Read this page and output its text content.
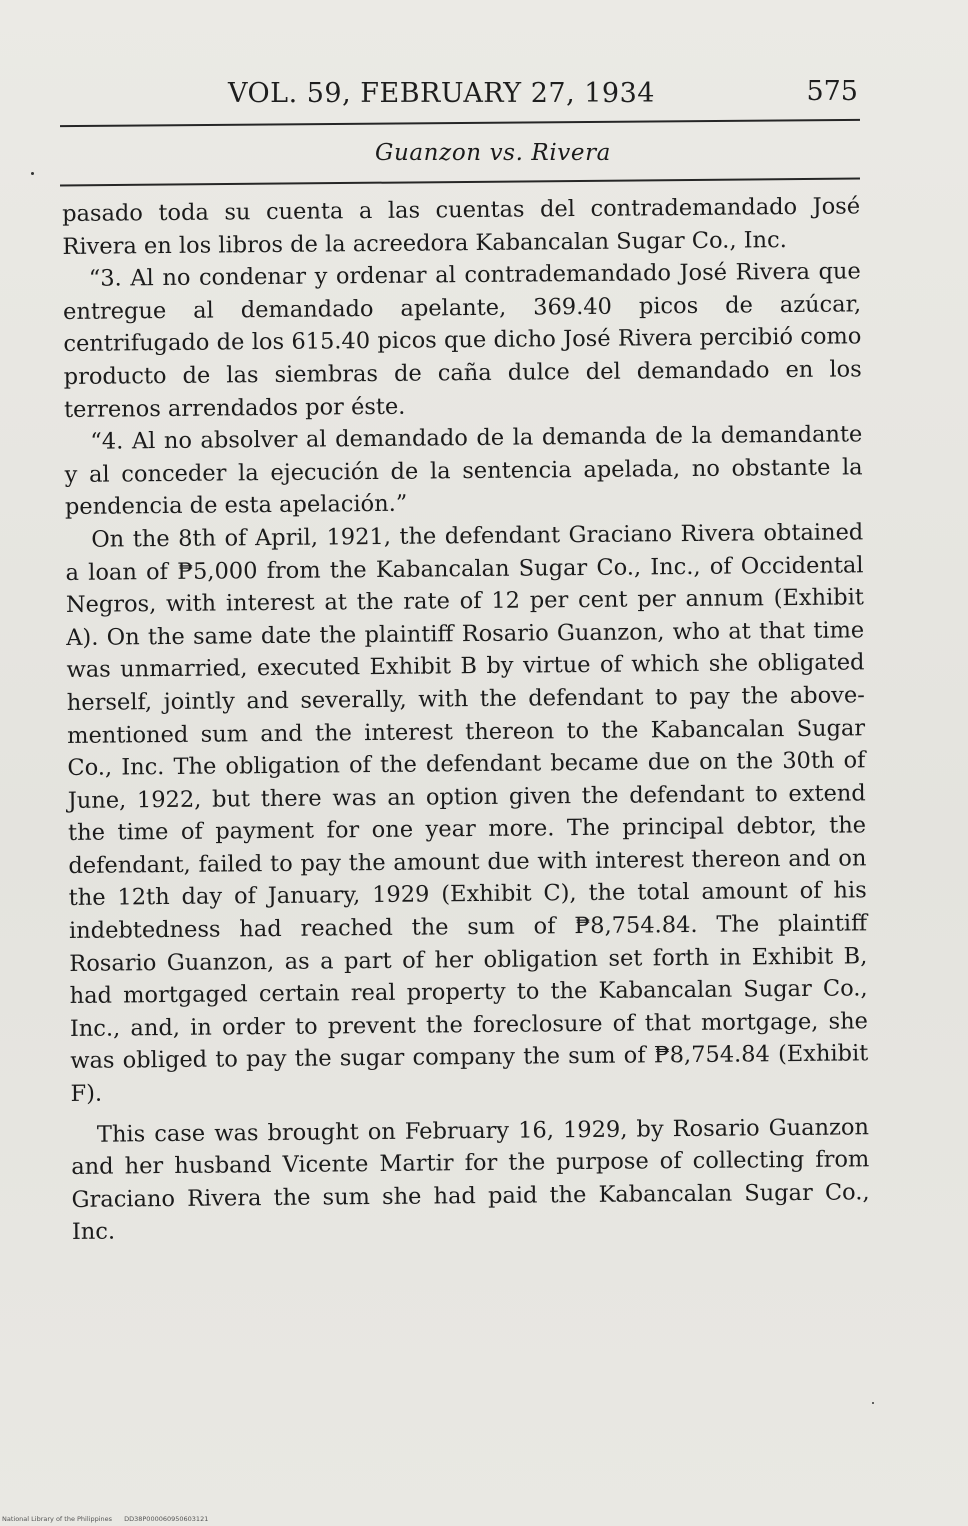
VOL. 59, FEBRUARY 27, 1934	575
Guanzon vs. Rivera

pasado toda su cuenta a las cuentas del contrademandado José Rivera en los libros de la acreedora Kabancalan Sugar Co., Inc.

“3. Al no condenar y ordenar al contrademandado José Rivera que entregue al demandado apelante, 369.40 picos de azúcar, centrifugado de los 615.40 picos que dicho José Rivera percibió como producto de las siembras de caña dulce del demandado en los terrenos arrendados por éste.

“4. Al no absolver al demandado de la demanda de la demandante y al conceder la ejecución de la sentencia apelada, no obstante la pendencia de esta apelación.”

On the 8th of April, 1921, the defendant Graciano Rivera obtained a loan of ₱5,000 from the Kabancalan Sugar Co., Inc., of Occidental Negros, with interest at the rate of 12 per cent per annum (Exhibit A). On the same date the plaintiff Rosario Guanzon, who at that time was unmarried, executed Exhibit B by virtue of which she obligated herself, jointly and severally, with the defendant to pay the above-mentioned sum and the interest thereon to the Kabancalan Sugar Co., Inc. The obligation of the defendant became due on the 30th of June, 1922, but there was an option given the defendant to extend the time of payment for one year more. The principal debtor, the defendant, failed to pay the amount due with interest thereon and on the 12th day of January, 1929 (Exhibit C), the total amount of his indebtedness had reached the sum of ₱8,754.84. The plaintiff Rosario Guanzon, as a part of her obligation set forth in Exhibit B, had mortgaged certain real property to the Kabancalan Sugar Co., Inc., and, in order to prevent the foreclosure of that mortgage, she was obliged to pay the sugar company the sum of ₱8,754.84 (Exhibit F).

This case was brought on February 16, 1929, by Rosario Guanzon and her husband Vicente Martir for the purpose of collecting from Graciano Rivera the sum she had paid the Kabancalan Sugar Co., Inc.

National Library of the Philippines DD38P000060950603121
